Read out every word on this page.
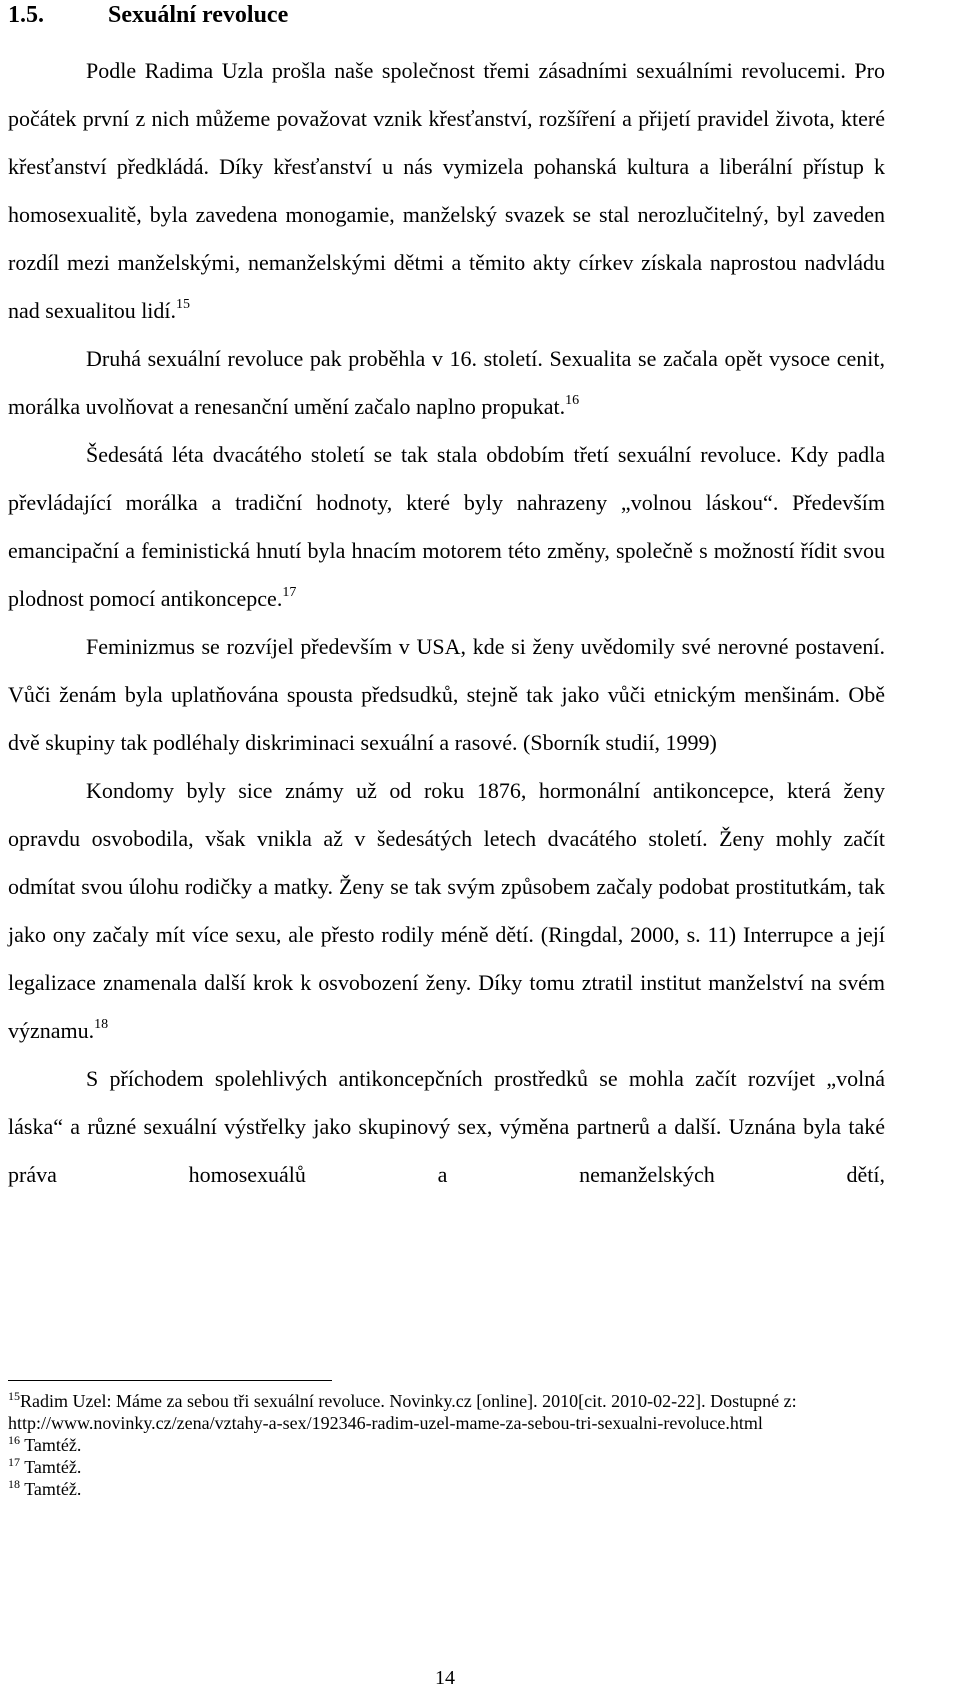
1.5.	Sexuální revoluce

Podle Radima Uzla prošla naše společnost třemi zásadními sexuálními revolucemi. Pro počátek první z nich můžeme považovat vznik křesťanství, rozšíření a přijetí pravidel života, které křesťanství předkládá. Díky křesťanství u nás vymizela pohanská kultura a liberální přístup k homosexualitě, byla zavedena monogamie, manželský svazek se stal nerozlučitelný, byl zaveden rozdíl mezi manželskými, nemanželskými dětmi a těmito akty církev získala naprostou nadvládu nad sexualitou lidí.$^{15}$

Druhá sexuální revoluce pak proběhla v 16. století. Sexualita se začala opět vysoce cenit, morálka uvolňovat a renesanční umění začalo naplno propukat.$^{16}$

Šedesátá léta dvacátého století se tak stala obdobím třetí sexuální revoluce. Kdy padla převládající morálka a tradiční hodnoty, které byly nahrazeny „volnou láskou“. Především emancipační a feministická hnutí byla hnacím motorem této změny, společně s možností řídit svou plodnost pomocí antikoncepce.$^{17}$

Feminizmus se rozvíjel především v USA, kde si ženy uvědomily své nerovné postavení. Vůči ženám byla uplatňována spousta předsudků, stejně tak jako vůči etnickým menšinám. Obě dvě skupiny tak podléhaly diskriminaci sexuální a rasové. (Sborník studií, 1999)

Kondomy byly sice známy už od roku 1876, hormonální antikoncepce, která ženy opravdu osvobodila, však vnikla až v šedesátých letech dvacátého století. Ženy mohly začít odmítat svou úlohu rodičky a matky. Ženy se tak svým způsobem začaly podobat prostitutkám, tak jako ony začaly mít více sexu, ale přesto rodily méně dětí. (Ringdal, 2000, s. 11) Interrupce a její legalizace znamenala další krok k osvobození ženy. Díky tomu ztratil institut manželství na svém významu.$^{18}$

S příchodem spolehlivých antikoncepčních prostředků se mohla začít rozvíjet „volná láska“ a různé sexuální výstřelky jako skupinový sex, výměna partnerů a další. Uznána byla také práva homosexuálů a nemanželských dětí,

$^{15}$Radim Uzel: Máme za sebou tři sexuální revoluce. Novinky.cz [online]. 2010[cit. 2010-02-22]. Dostupné z: http://www.novinky.cz/zena/vztahy-a-sex/192346-radim-uzel-mame-za-sebou-tri-sexualni-revoluce.html
$^{16}$ Tamtéž.
$^{17}$ Tamtéž.
$^{18}$ Tamtéž.
14
